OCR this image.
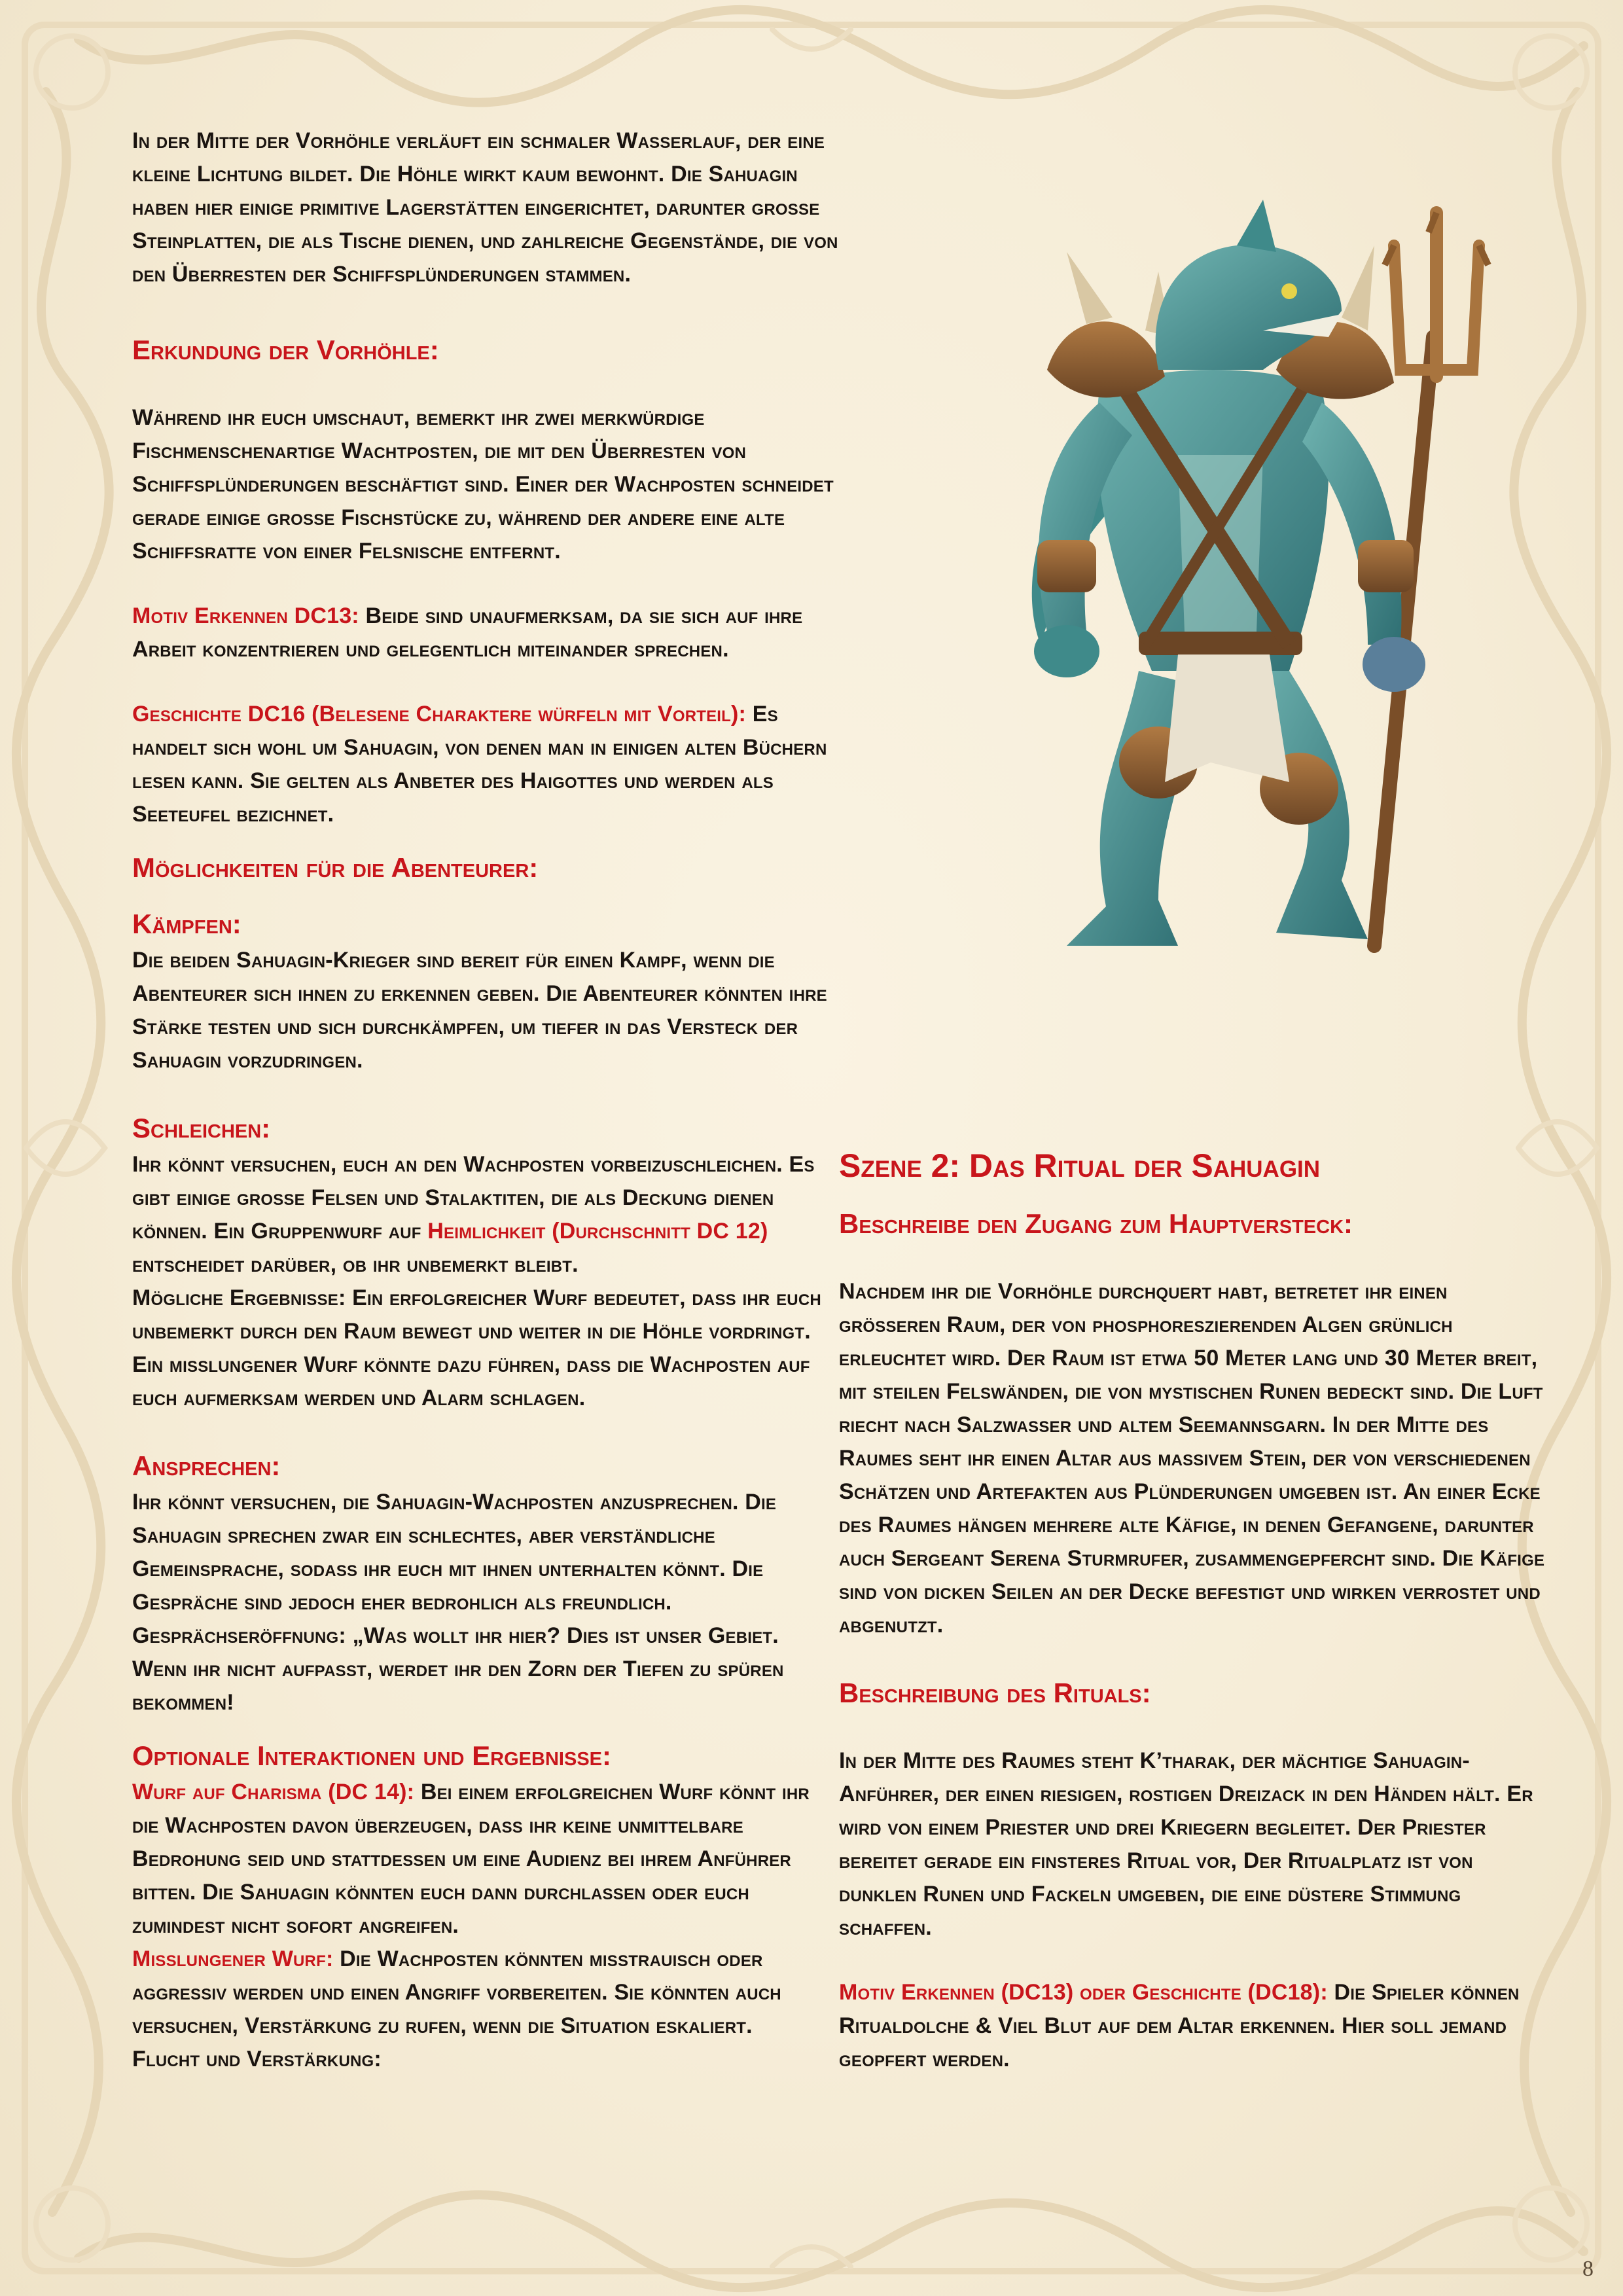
In der Mitte der Vorhöhle verläuft ein schmaler Wasserlauf, der eine kleine Lichtung bildet. Die Höhle wirkt kaum bewohnt. Die Sahuagin haben hier einige primitive Lagerstätten eingerichtet, darunter grosse Steinplatten, die als Tische dienen, und zahlreiche Gegenstände, die von den Überresten der Schiffsplünderungen stammen.

Erkundung der Vorhöhle:

Während ihr euch umschaut, bemerkt ihr zwei merkwürdige Fischmenschenartige Wachtposten, die mit den Überresten von Schiffsplünderungen beschäftigt sind. Einer der Wachposten schneidet gerade einige grosse Fischstücke zu, während der andere eine alte Schiffsratte von einer Felsnische entfernt.

Motiv Erkennen DC13: Beide sind unaufmerksam, da sie sich auf ihre Arbeit konzentrieren und gelegentlich miteinander sprechen.

Geschichte DC16 (Belesene Charaktere würfeln mit Vorteil): Es handelt sich wohl um Sahuagin, von denen man in einigen alten Büchern lesen kann. Sie gelten als Anbeter des Haigottes und werden als Seeteufel bezichnet.

Möglichkeiten für die Abenteurer:
Kämpfen:

Die beiden Sahuagin-Krieger sind bereit für einen Kampf, wenn die Abenteurer sich ihnen zu erkennen geben. Die Abenteurer könnten ihre Stärke testen und sich durchkämpfen, um tiefer in das Versteck der Sahuagin vorzudringen.

Schleichen:

Ihr könnt versuchen, euch an den Wachposten vorbeizuschleichen. Es gibt einige grosse Felsen und Stalaktiten, die als Deckung dienen können. Ein Gruppenwurf auf Heimlichkeit (Durchschnitt DC 12) entscheidet darüber, ob ihr unbemerkt bleibt.

Mögliche Ergebnisse: Ein erfolgreicher Wurf bedeutet, dass ihr euch unbemerkt durch den Raum bewegt und weiter in die Höhle vordringt. Ein misslungener Wurf könnte dazu führen, dass die Wachposten auf euch aufmerksam werden und Alarm schlagen.

Ansprechen:

Ihr könnt versuchen, die Sahuagin-Wachposten anzusprechen. Die Sahuagin sprechen zwar ein schlechtes, aber verständliche Gemeinsprache, sodass ihr euch mit ihnen unterhalten könnt. Die Gespräche sind jedoch eher bedrohlich als freundlich.

Gesprächseröffnung: „Was wollt ihr hier? Dies ist unser Gebiet. Wenn ihr nicht aufpasst, werdet ihr den Zorn der Tiefen zu spüren bekommen!

Optionale Interaktionen und Ergebnisse:

Wurf auf Charisma (DC 14): Bei einem erfolgreichen Wurf könnt ihr die Wachposten davon überzeugen, dass ihr keine unmittelbare Bedrohung seid und stattdessen um eine Audienz bei ihrem Anführer bitten. Die Sahuagin könnten euch dann durchlassen oder euch zumindest nicht sofort angreifen.

Misslungener Wurf: Die Wachposten könnten misstrauisch oder aggressiv werden und einen Angriff vorbereiten. Sie könnten auch versuchen, Verstärkung zu rufen, wenn die Situation eskaliert.

Flucht und Verstärkung:

Szene 2: Das Ritual der Sahuagin
Beschreibe den Zugang zum Hauptversteck:

Nachdem ihr die Vorhöhle durchquert habt, betretet ihr einen grösseren Raum, der von phosphoreszierenden Algen grünlich erleuchtet wird. Der Raum ist etwa 50 Meter lang und 30 Meter breit, mit steilen Felswänden, die von mystischen Runen bedeckt sind. Die Luft riecht nach Salzwasser und altem Seemannsgarn. In der Mitte des Raumes seht ihr einen Altar aus massivem Stein, der von verschiedenen Schätzen und Artefakten aus Plünderungen umgeben ist. An einer Ecke des Raumes hängen mehrere alte Käfige, in denen Gefangene, darunter auch Sergeant Serena Sturmrufer, zusammengepfercht sind. Die Käfige sind von dicken Seilen an der Decke befestigt und wirken verrostet und abgenutzt.

Beschreibung des Rituals:

In der Mitte des Raumes steht K’tharak, der mächtige Sahuagin-Anführer, der einen riesigen, rostigen Dreizack in den Händen hält. Er wird von einem Priester und drei Kriegern begleitet. Der Priester bereitet gerade ein finsteres Ritual vor, Der Ritualplatz ist von dunklen Runen und Fackeln umgeben, die eine düstere Stimmung schaffen.

Motiv Erkennen (DC13) oder Geschichte (DC18): Die Spieler können Ritualdolche & Viel Blut auf dem Altar erkennen. Hier soll jemand geopfert werden.

8
